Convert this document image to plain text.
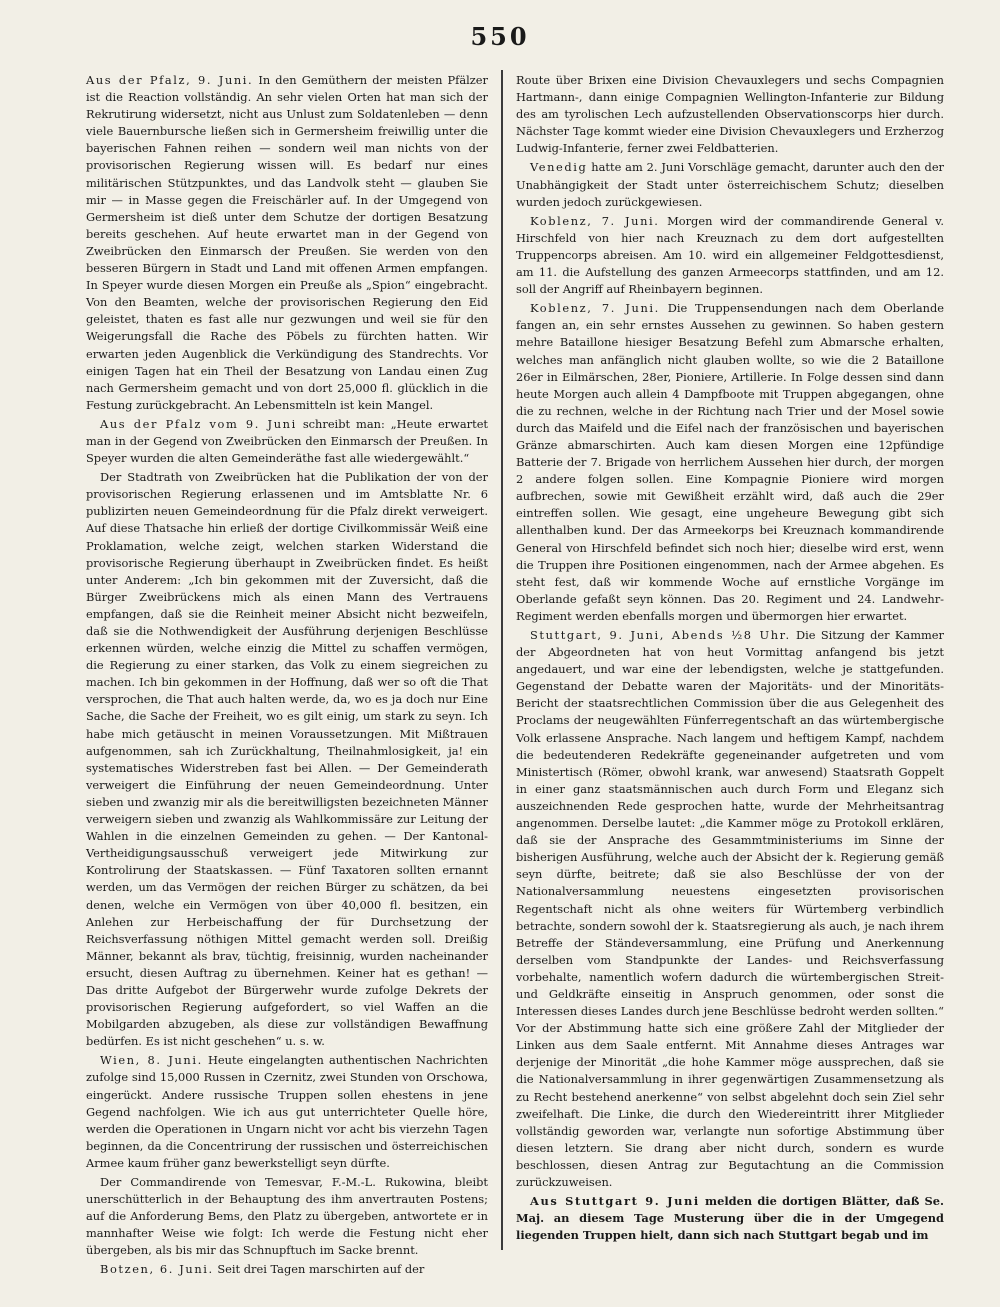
550

Aus der Pfalz, 9. Juni. In den Gemüthern der meisten Pfälzer ist die Reaction vollständig. An sehr vielen Orten hat man sich der Rekrutirung widersetzt, nicht aus Unlust zum Soldatenleben — denn viele Bauernbursche ließen sich in Germersheim freiwillig unter die bayerischen Fahnen reihen — sondern weil man nichts von der provisorischen Regierung wissen will. Es bedarf nur eines militärischen Stützpunktes, und das Landvolk steht — glauben Sie mir — in Masse gegen die Freischärler auf. In der Umgegend von Germersheim ist dieß unter dem Schutze der dortigen Besatzung bereits geschehen. Auf heute erwartet man in der Gegend von Zweibrücken den Einmarsch der Preußen. Sie werden von den besseren Bürgern in Stadt und Land mit offenen Armen empfangen. In Speyer wurde diesen Morgen ein Preuße als „Spion“ eingebracht. Von den Beamten, welche der provisorischen Regierung den Eid geleistet, thaten es fast alle nur gezwungen und weil sie für den Weigerungsfall die Rache des Pöbels zu fürchten hatten. Wir erwarten jeden Augenblick die Verkündigung des Standrechts. Vor einigen Tagen hat ein Theil der Besatzung von Landau einen Zug nach Germersheim gemacht und von dort 25,000 fl. glücklich in die Festung zurückgebracht. An Lebensmitteln ist kein Mangel.

Aus der Pfalz vom 9. Juni schreibt man: „Heute erwartet man in der Gegend von Zweibrücken den Einmarsch der Preußen. In Speyer wurden die alten Gemeinderäthe fast alle wiedergewählt.“

Der Stadtrath von Zweibrücken hat die Publikation der von der provisorischen Regierung erlassenen und im Amtsblatte Nr. 6 publizirten neuen Gemeindeordnung für die Pfalz direkt verweigert. Auf diese Thatsache hin erließ der dortige Civilkommissär Weiß eine Proklamation, welche zeigt, welchen starken Widerstand die provisorische Regierung überhaupt in Zweibrücken findet. Es heißt unter Anderem: „Ich bin gekommen mit der Zuversicht, daß die Bürger Zweibrückens mich als einen Mann des Vertrauens empfangen, daß sie die Reinheit meiner Absicht nicht bezweifeln, daß sie die Nothwendigkeit der Ausführung derjenigen Beschlüsse erkennen würden, welche einzig die Mittel zu schaffen vermögen, die Regierung zu einer starken, das Volk zu einem siegreichen zu machen. Ich bin gekommen in der Hoffnung, daß wer so oft die That versprochen, die That auch halten werde, da, wo es ja doch nur Eine Sache, die Sache der Freiheit, wo es gilt einig, um stark zu seyn. Ich habe mich getäuscht in meinen Voraussetzungen. Mit Mißtrauen aufgenommen, sah ich Zurückhaltung, Theilnahmlosigkeit, ja! ein systematisches Widerstreben fast bei Allen. — Der Gemeinderath verweigert die Einführung der neuen Gemeindeordnung. Unter sieben und zwanzig mir als die bereitwilligsten bezeichneten Männer verweigern sieben und zwanzig als Wahlkommissäre zur Leitung der Wahlen in die einzelnen Gemeinden zu gehen. — Der Kantonal-Vertheidigungsausschuß verweigert jede Mitwirkung zur Kontrolirung der Staatskassen. — Fünf Taxatoren sollten ernannt werden, um das Vermögen der reichen Bürger zu schätzen, da bei denen, welche ein Vermögen von über 40,000 fl. besitzen, ein Anlehen zur Herbeischaffung der für Durchsetzung der Reichsverfassung nöthigen Mittel gemacht werden soll. Dreißig Männer, bekannt als brav, tüchtig, freisinnig, wurden nacheinander ersucht, diesen Auftrag zu übernehmen. Keiner hat es gethan! — Das dritte Aufgebot der Bürgerwehr wurde zufolge Dekrets der provisorischen Regierung aufgefordert, so viel Waffen an die Mobilgarden abzugeben, als diese zur vollständigen Bewaffnung bedürfen. Es ist nicht geschehen“ u. s. w.

Wien, 8. Juni. Heute eingelangten authentischen Nachrichten zufolge sind 15,000 Russen in Czernitz, zwei Stunden von Orschowa, eingerückt. Andere russische Truppen sollen ehestens in jene Gegend nachfolgen. Wie ich aus gut unterrichteter Quelle höre, werden die Operationen in Ungarn nicht vor acht bis vierzehn Tagen beginnen, da die Concentrirung der russischen und österreichischen Armee kaum früher ganz bewerkstelligt seyn dürfte.

Der Commandirende von Temesvar, F.-M.-L. Rukowina, bleibt unerschütterlich in der Behauptung des ihm anvertrauten Postens; auf die Anforderung Bems, den Platz zu übergeben, antwortete er in mannhafter Weise wie folgt: Ich werde die Festung nicht eher übergeben, als bis mir das Schnupftuch im Sacke brennt.

Botzen, 6. Juni. Seit drei Tagen marschirten auf der

Route über Brixen eine Division Chevauxlegers und sechs Compagnien Hartmann-, dann einige Compagnien Wellington-Infanterie zur Bildung des am tyrolischen Lech aufzustellenden Observationscorps hier durch. Nächster Tage kommt wieder eine Division Chevauxlegers und Erzherzog Ludwig-Infanterie, ferner zwei Feldbatterien.

Venedig hatte am 2. Juni Vorschläge gemacht, darunter auch den der Unabhängigkeit der Stadt unter österreichischem Schutz; dieselben wurden jedoch zurückgewiesen.

Koblenz, 7. Juni. Morgen wird der commandirende General v. Hirschfeld von hier nach Kreuznach zu dem dort aufgestellten Truppencorps abreisen. Am 10. wird ein allgemeiner Feldgottesdienst, am 11. die Aufstellung des ganzen Armeecorps stattfinden, und am 12. soll der Angriff auf Rheinbayern beginnen.

Koblenz, 7. Juni. Die Truppensendungen nach dem Oberlande fangen an, ein sehr ernstes Aussehen zu gewinnen. So haben gestern mehre Bataillone hiesiger Besatzung Befehl zum Abmarsche erhalten, welches man anfänglich nicht glauben wollte, so wie die 2 Bataillone 26er in Eilmärschen, 28er, Pioniere, Artillerie. In Folge dessen sind dann heute Morgen auch allein 4 Dampfboote mit Truppen abgegangen, ohne die zu rechnen, welche in der Richtung nach Trier und der Mosel sowie durch das Maifeld und die Eifel nach der französischen und bayerischen Gränze abmarschirten. Auch kam diesen Morgen eine 12pfündige Batterie der 7. Brigade von herrlichem Aussehen hier durch, der morgen 2 andere folgen sollen. Eine Kompagnie Pioniere wird morgen aufbrechen, sowie mit Gewißheit erzählt wird, daß auch die 29er eintreffen sollen. Wie gesagt, eine ungeheure Bewegung gibt sich allenthalben kund. Der das Armeekorps bei Kreuznach kommandirende General von Hirschfeld befindet sich noch hier; dieselbe wird erst, wenn die Truppen ihre Positionen eingenommen, nach der Armee abgehen. Es steht fest, daß wir kommende Woche auf ernstliche Vorgänge im Oberlande gefaßt seyn können. Das 20. Regiment und 24. Landwehr-Regiment werden ebenfalls morgen und übermorgen hier erwartet.

Stuttgart, 9. Juni, Abends ½8 Uhr. Die Sitzung der Kammer der Abgeordneten hat von heut Vormittag anfangend bis jetzt angedauert, und war eine der lebendigsten, welche je stattgefunden. Gegenstand der Debatte waren der Majoritäts- und der Minoritäts-Bericht der staatsrechtlichen Commission über die aus Gelegenheit des Proclams der neugewählten Fünferregentschaft an das würtembergische Volk erlassene Ansprache. Nach langem und heftigem Kampf, nachdem die bedeutenderen Redekräfte gegeneinander aufgetreten und vom Ministertisch (Römer, obwohl krank, war anwesend) Staatsrath Goppelt in einer ganz staatsmännischen auch durch Form und Eleganz sich auszeichnenden Rede gesprochen hatte, wurde der Mehrheitsantrag angenommen. Derselbe lautet: „die Kammer möge zu Protokoll erklären, daß sie der Ansprache des Gesammtministeriums im Sinne der bisherigen Ausführung, welche auch der Absicht der k. Regierung gemäß seyn dürfte, beitrete; daß sie also Beschlüsse der von der Nationalversammlung neuestens eingesetzten provisorischen Regentschaft nicht als ohne weiters für Würtemberg verbindlich betrachte, sondern sowohl der k. Staatsregierung als auch, je nach ihrem Betreffe der Ständeversammlung, eine Prüfung und Anerkennung derselben vom Standpunkte der Landes- und Reichsverfassung vorbehalte, namentlich wofern dadurch die würtembergischen Streit- und Geldkräfte einseitig in Anspruch genommen, oder sonst die Interessen dieses Landes durch jene Beschlüsse bedroht werden sollten.“ Vor der Abstimmung hatte sich eine größere Zahl der Mitglieder der Linken aus dem Saale entfernt. Mit Annahme dieses Antrages war derjenige der Minorität „die hohe Kammer möge aussprechen, daß sie die Nationalversammlung in ihrer gegenwärtigen Zusammensetzung als zu Recht bestehend anerkenne“ von selbst abgelehnt doch sein Ziel sehr zweifelhaft. Die Linke, die durch den Wiedereintritt ihrer Mitglieder vollständig geworden war, verlangte nun sofortige Abstimmung über diesen letztern. Sie drang aber nicht durch, sondern es wurde beschlossen, diesen Antrag zur Begutachtung an die Commission zurückzuweisen.

Aus Stuttgart 9. Juni melden die dortigen Blätter, daß Se. Maj. an diesem Tage Musterung über die in der Umgegend liegenden Truppen hielt, dann sich nach Stuttgart begab und im
